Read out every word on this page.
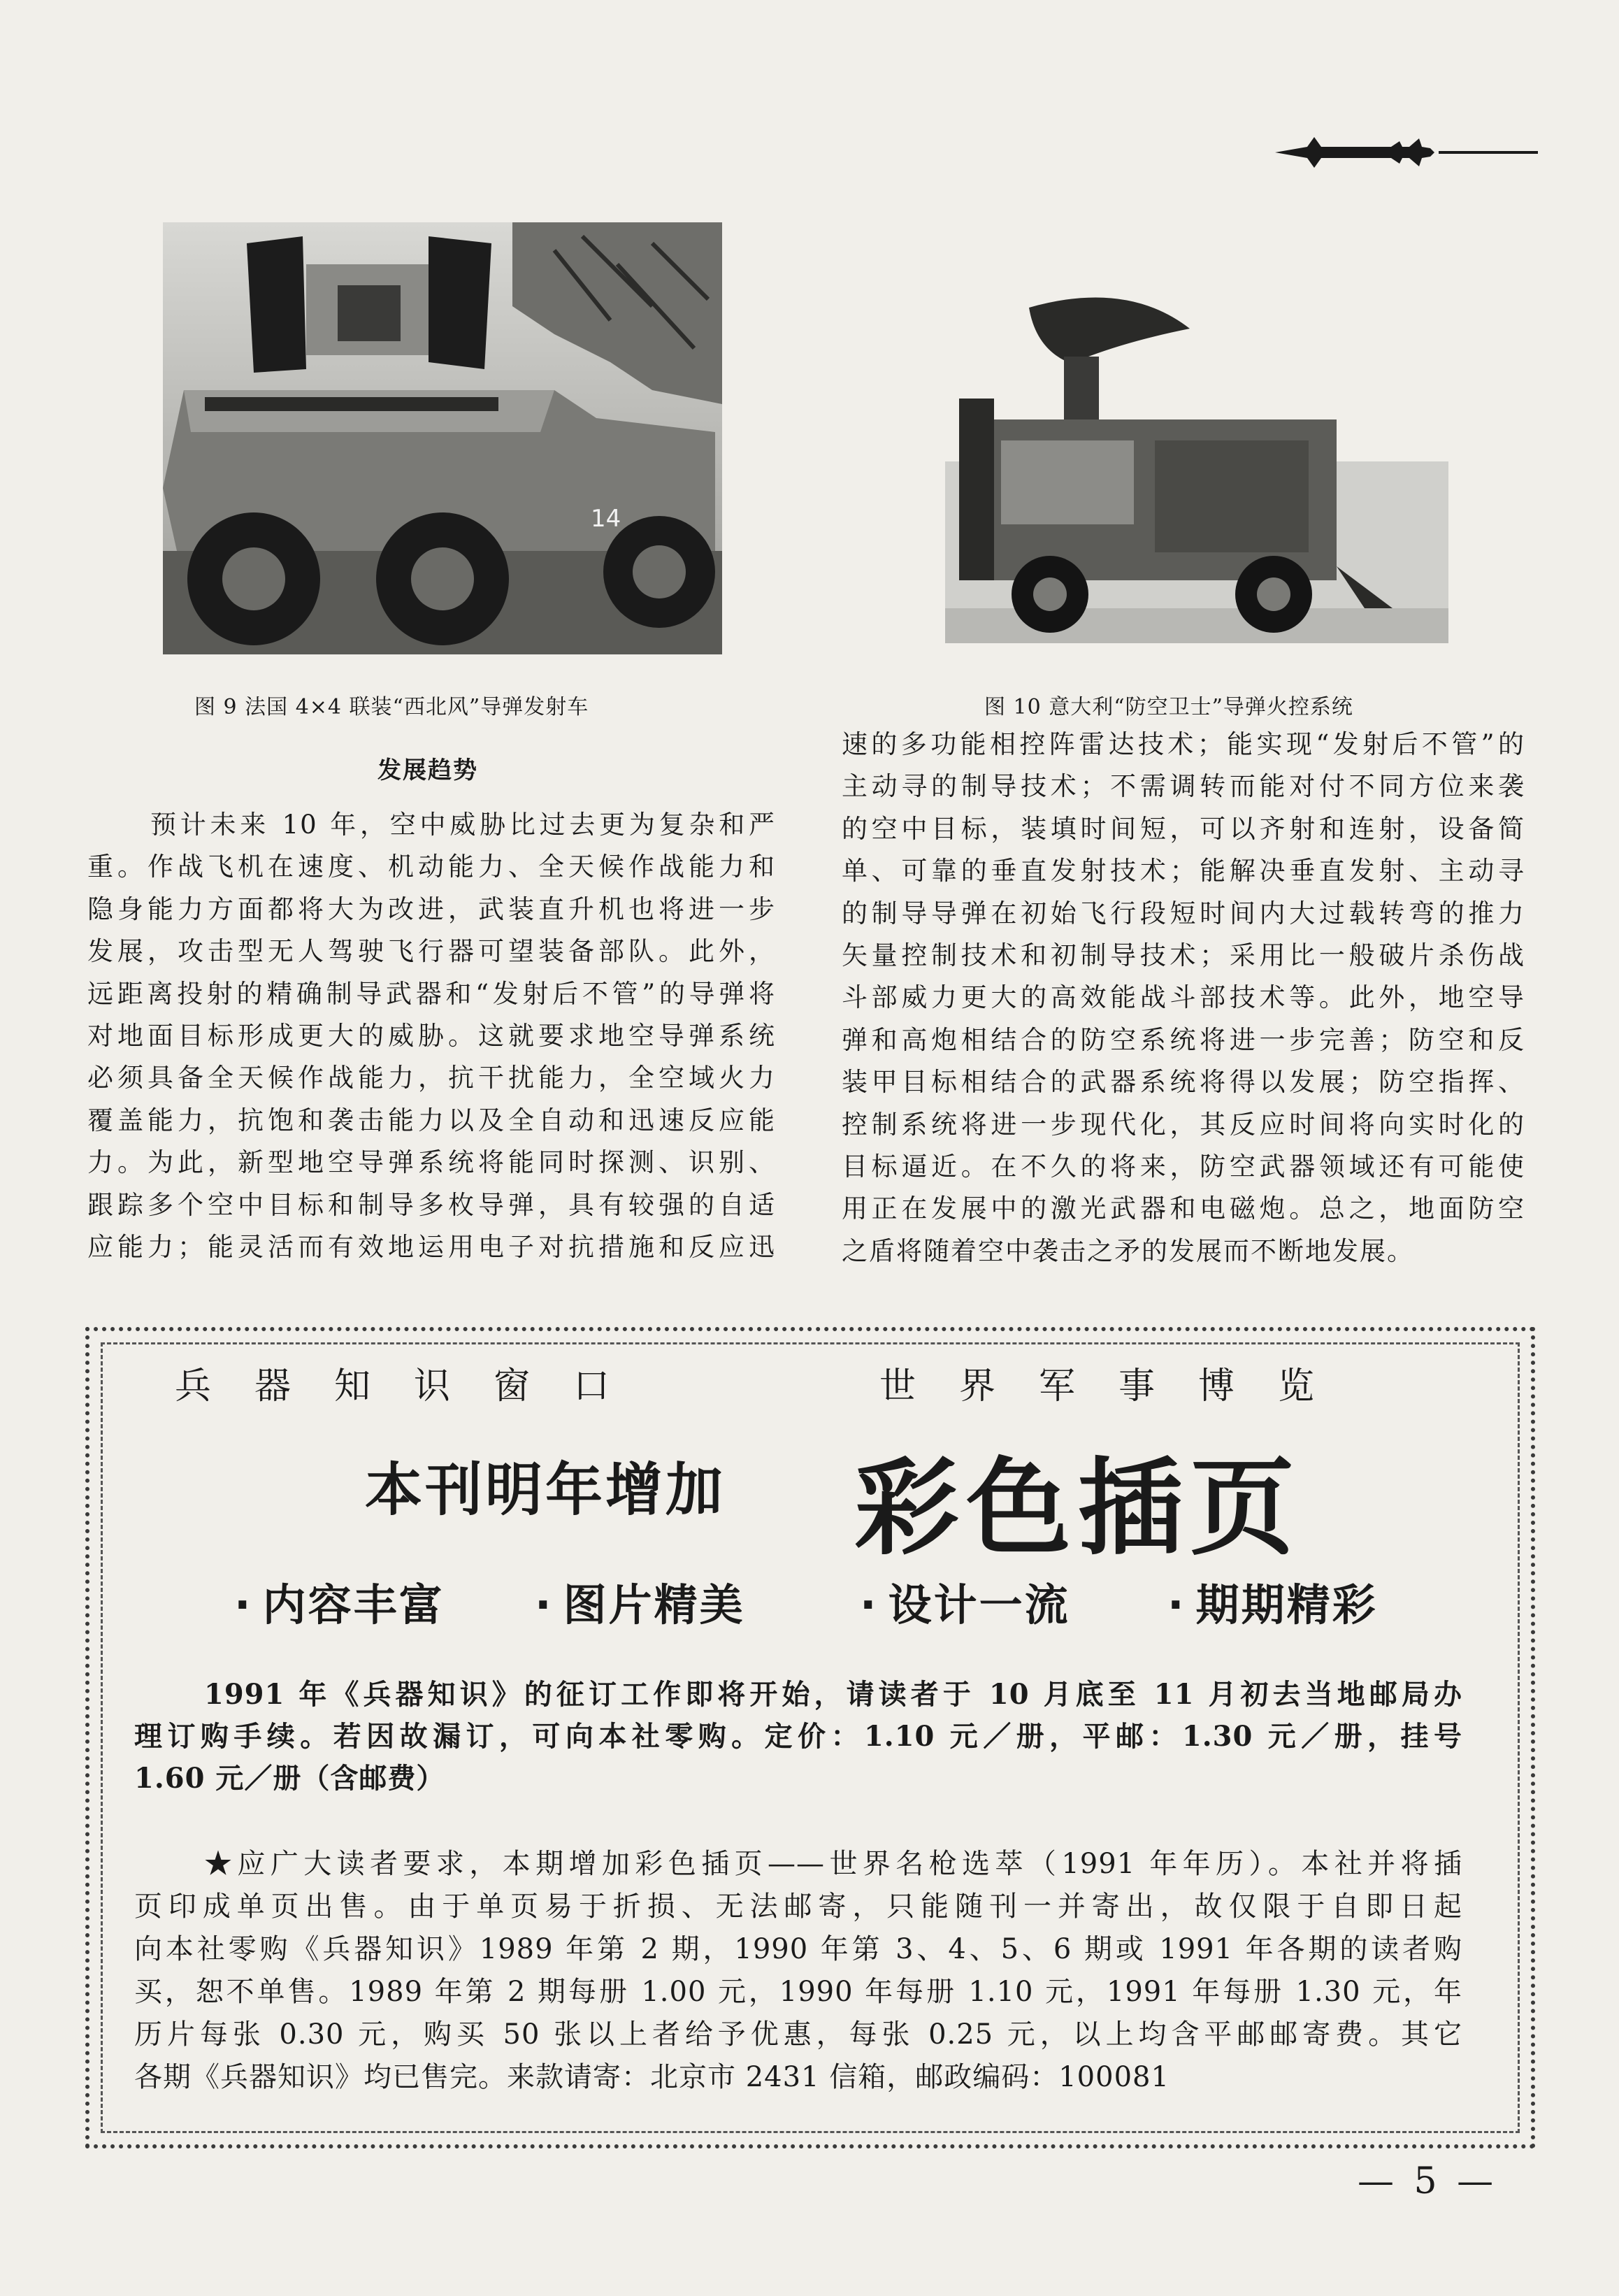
14
图 9 法国 4×4 联装“西北风”导弹发射车	图 10 意大利“防空卫士”导弹火控系统
发展趋势

预计未来 10 年，空中威胁比过去更为复杂和严

重。作战飞机在速度、机动能力、全天候作战能力和

隐身能力方面都将大为改进，武装直升机也将进一步

发展，攻击型无人驾驶飞行器可望装备部队。此外，

远距离投射的精确制导武器和“发射后不管”的导弹将

对地面目标形成更大的威胁。这就要求地空导弹系统

必须具备全天候作战能力，抗干扰能力，全空域火力

覆盖能力，抗饱和袭击能力以及全自动和迅速反应能

力。为此，新型地空导弹系统将能同时探测、识别、

跟踪多个空中目标和制导多枚导弹，具有较强的自适

应能力；能灵活而有效地运用电子对抗措施和反应迅

速的多功能相控阵雷达技术；能实现“发射后不管”的

主动寻的制导技术；不需调转而能对付不同方位来袭

的空中目标，装填时间短，可以齐射和连射，设备简

单、可靠的垂直发射技术；能解决垂直发射、主动寻

的制导导弹在初始飞行段短时间内大过载转弯的推力

矢量控制技术和初制导技术；采用比一般破片杀伤战

斗部威力更大的高效能战斗部技术等。此外，地空导

弹和高炮相结合的防空系统将进一步完善；防空和反

装甲目标相结合的武器系统将得以发展；防空指挥、

控制系统将进一步现代化，其反应时间将向实时化的

目标逼近。在不久的将来，防空武器领域还有可能使

用正在发展中的激光武器和电磁炮。总之，地面防空

之盾将随着空中袭击之矛的发展而不断地发展。

兵器知识窗口	世界军事博览
本刊明年增加 彩色插页
· 内容丰富 · 图片精美	· 设计一流 · 期期精彩

1991 年《兵器知识》的征订工作即将开始，请读者于 10 月底至 11 月初去当地邮局办

理订购手续。若因故漏订，可向本社零购。定价：1.10 元／册，平邮：1.30 元／册，挂号

1.60 元／册（含邮费）

★应广大读者要求，本期增加彩色插页——世界名枪选萃（1991 年年历）。本社并将插

页印成单页出售。由于单页易于折损、无法邮寄，只能随刊一并寄出，故仅限于自即日起

向本社零购《兵器知识》1989 年第 2 期，1990 年第 3、4、5、6 期或 1991 年各期的读者购

买，恕不单售。1989 年第 2 期每册 1.00 元，1990 年每册 1.10 元，1991 年每册 1.30 元，年

历片每张 0.30 元，购买 50 张以上者给予优惠，每张 0.25 元，以上均含平邮邮寄费。其它

各期《兵器知识》均已售完。来款请寄：北京市 2431 信箱，邮政编码：100081

— 5 —
